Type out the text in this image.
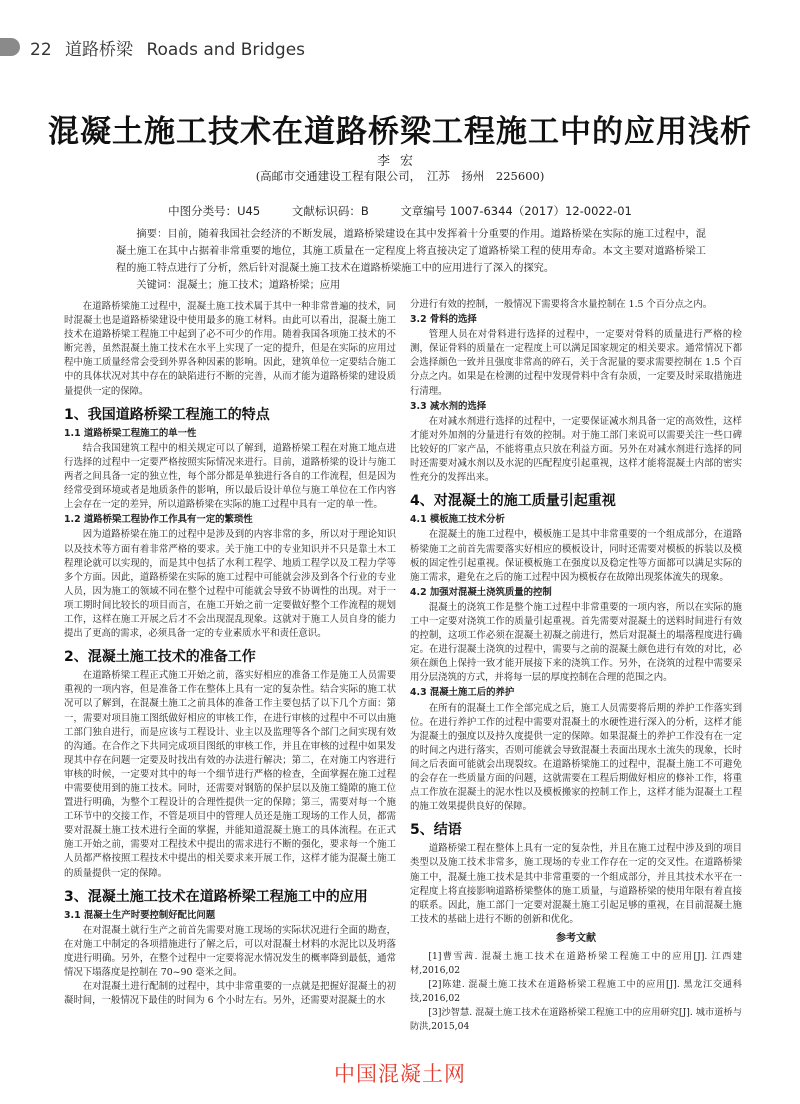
22 道路桥梁 Roads and Bridges
混凝土施工技术在道路桥梁工程施工中的应用浅析
李宏
(高邮市交通建设工程有限公司，　江苏　扬州　225600)
中图分类号：U45	文献标识码：B	文章编号 1007-6344（2017）12-0022-01

摘要：目前，随着我国社会经济的不断发展，道路桥梁建设在其中发挥着十分重要的作用。道路桥梁在实际的施工过程中，混凝土施工在其中占据着非常重要的地位，其施工质量在一定程度上将直接决定了道路桥梁工程的使用寿命。本文主要对道路桥梁工程的施工特点进行了分析，然后针对混凝土施工技术在道路桥梁施工中的应用进行了深入的探究。

关键词：混凝土；施工技术；道路桥梁；应用

在道路桥梁施工过程中，混凝土施工技术属于其中一种非常普遍的技术，同时混凝土也是道路桥梁建设中使用最多的施工材料。由此可以看出，混凝土施工技术在道路桥梁工程施工中起到了必不可少的作用。随着我国各项施工技术的不断完善，虽然混凝土施工技术在水平上实现了一定的提升，但是在实际的应用过程中施工质量经常会受到外界各种因素的影响。因此，建筑单位一定要结合施工中的具体状况对其中存在的缺陷进行不断的完善，从而才能为道路桥梁的建设质量提供一定的保障。

1、我国道路桥梁工程施工的特点
1.1 道路桥梁工程施工的单一性

结合我国建筑工程中的相关规定可以了解到，道路桥梁工程在对施工地点进行选择的过程中一定要严格按照实际情况来进行。目前，道路桥梁的设计与施工两者之间具备一定的独立性，每个部分都是单独进行各自的工作流程，但是因为经常受到环境或者是地质条件的影响，所以最后设计单位与施工单位在工作内容上会存在一定的差异，所以道路桥梁在实际的施工过程中具有一定的单一性。

1.2 道路桥梁工程协作工作具有一定的繁琐性

因为道路桥梁在施工的过程中是涉及到的内容非常的多，所以对于理论知识以及技术等方面有着非常严格的要求。关于施工中的专业知识并不只是靠土木工程理论就可以实现的，而是其中包括了水利工程学、地质工程学以及工程力学等多个方面。因此，道路桥梁在实际的施工过程中可能就会涉及到各个行业的专业人员，因为施工的领域不同在整个过程中可能就会导致不协调性的出现。对于一项工期时间比较长的项目而言，在施工开始之前一定要做好整个工作流程的规划工作，这样在施工开展之后才不会出现混乱现象。这就对于施工人员自身的能力提出了更高的需求，必须具备一定的专业素质水平和责任意识。

2、混凝土施工技术的准备工作

在道路桥梁工程正式施工开始之前，落实好相应的准备工作是施工人员需要重视的一项内容，但是准备工作在整体上具有一定的复杂性。结合实际的施工状况可以了解到，在混凝土施工之前具体的准备工作主要包括了以下几个方面：第一，需要对项目施工图纸做好相应的审核工作，在进行审核的过程中不可以由施工部门独自进行，而是应该与工程设计、业主以及监理等各个部门之间实现有效的沟通。在合作之下共同完成项目图纸的审核工作，并且在审核的过程中如果发现其中存在问题一定要及时找出有效的办法进行解决；第二，在对施工内容进行审核的时候，一定要对其中的每一个细节进行严格的检查，全面掌握在施工过程中需要使用到的施工技术。同时，还需要对钢筋的保护层以及施工缝隙的施工位置进行明确，为整个工程设计的合理性提供一定的保障；第三，需要对每一个施工环节中的交接工作，不管是项目中的管理人员还是施工现场的工作人员，都需要对混凝土施工技术进行全面的掌握，并能知道混凝土施工的具体流程。在正式施工开始之前，需要对工程技术中提出的需求进行不断的强化，要求每一个施工人员都严格按照工程技术中提出的相关要求来开展工作，这样才能为混凝土施工的质量提供一定的保障。

3、混凝土施工技术在道路桥梁工程施工中的应用
3.1 混凝土生产时要控制好配比问题

在对混凝土就行生产之前首先需要对施工现场的实际状况进行全面的勘查，在对施工中制定的各项措施进行了解之后，可以对混凝土材料的水泥比以及坍落度进行明确。另外，在整个过程中一定要将泥水情况发生的概率降到最低，通常情况下塌落度是控制在 70~90 毫米之间。

在对混凝土进行配制的过程中，其中非常重要的一点就是把握好混凝土的初凝时间，一般情况下最佳的时间为 6 个小时左右。另外，还需要对混凝土的水

分进行有效的控制，一般情况下需要将含水量控制在 1.5 个百分点之内。

3.2 骨料的选择

管理人员在对骨料进行选择的过程中，一定要对骨料的质量进行严格的检测，保证骨料的质量在一定程度上可以满足国家规定的相关要求。通常情况下都会选择颜色一致并且强度非常高的碎石，关于含泥量的要求需要控制在 1.5 个百分点之内。如果是在检测的过程中发现骨料中含有杂质，一定要及时采取措施进行清理。

3.3 减水剂的选择

在对减水剂进行选择的过程中，一定要保证减水剂具备一定的高效性，这样才能对外加剂的分量进行有效的控制。对于施工部门来说可以需要关注一些口碑比较好的厂家产品，不能将重点只放在利益方面。另外在对减水剂进行选择的同时还需要对减水剂以及水泥的匹配程度引起重视，这样才能将混凝土内部的密实性充分的发挥出来。

4、对混凝土的施工质量引起重视
4.1 模板施工技术分析

在混凝土的施工过程中，模板施工是其中非常重要的一个组成部分，在道路桥梁施工之前首先需要落实好相应的模板设计，同时还需要对模板的拆装以及模板的固定性引起重视。保证模板施工在强度以及稳定性等方面都可以满足实际的施工需求，避免在之后的施工过程中因为模板存在故障出现浆体流失的现象。

4.2 加强对混凝土浇筑质量的控制

混凝土的浇筑工作是整个施工过程中非常重要的一项内容，所以在实际的施工中一定要对浇筑工作的质量引起重视。首先需要对混凝土的送料时间进行有效的控制，这项工作必须在混凝土初凝之前进行，然后对混凝土的塌落程度进行确定。在进行混凝土浇筑的过程中，需要与之前的混凝土颜色进行有效的对比，必须在颜色上保持一致才能开展接下来的浇筑工作。另外，在浇筑的过程中需要采用分层浇筑的方式，并将每一层的厚度控制在合理的范围之内。

4.3 混凝土施工后的养护

在所有的混凝土工作全部完成之后，施工人员需要将后期的养护工作落实到位。在进行养护工作的过程中需要对混凝土的水硬性进行深入的分析，这样才能为混凝土的强度以及持久度提供一定的保障。如果混凝土的养护工作没有在一定的时间之内进行落实，否则可能就会导致混凝土表面出现水土流失的现象，长时间之后表面可能就会出现裂纹。在道路桥梁施工的过程中，混凝土施工不可避免的会存在一些质量方面的问题，这就需要在工程后期做好相应的修补工作，将重点工作放在混凝土的泥水性以及模板搬家的控制工作上，这样才能为混凝土工程的施工效果提供良好的保障。

5、结语

道路桥梁工程在整体上具有一定的复杂性，并且在施工过程中涉及到的项目类型以及施工技术非常多，施工现场的专业工作存在一定的交叉性。在道路桥梁施工中，混凝土施工技术是其中非常重要的一个组成部分，并且其技术水平在一定程度上将直接影响道路桥梁整体的施工质量，与道路桥梁的使用年限有着直接的联系。因此，施工部门一定要对混凝土施工引起足够的重视，在目前混凝土施工技术的基础上进行不断的创新和优化。

参考文献

[1]曹雪茜. 混凝土施工技术在道路桥梁工程施工中的应用[J]. 江西建材,2016,02

[2]陈建. 混凝土施工技术在道路桥梁工程施工中的应用[J]. 黑龙江交通科技,2016,02

[3]沙智慧. 混凝土施工技术在道路桥梁工程施工中的应用研究[J]. 城市道桥与防洪,2015,04

中国混凝土网
